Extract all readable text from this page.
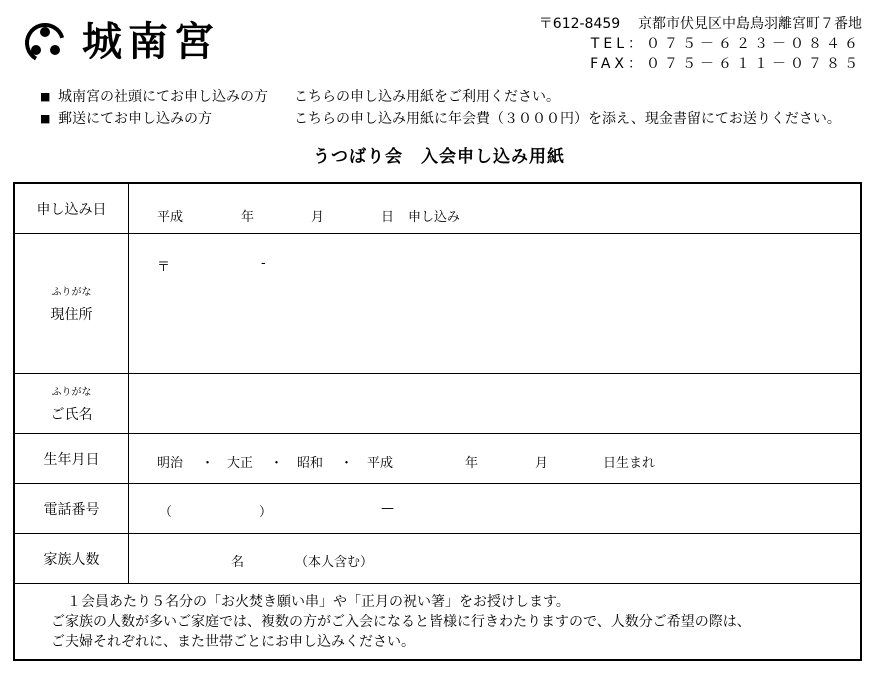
城南宮	〒612-8459 京都市伏見区中島鳥羽離宮町７番地
TEL：０７５－６２３－０８４６
FAX：０７５－６１１－０７８５
■ 城南宮の社頭にてお申し込みの方	こちらの申し込み用紙をご利用ください。
■ 郵送にてお申し込みの方	こちらの申し込み用紙に年会費（３０００円）を添え、現金書留にてお送りください。
うつばり会　入会申し込み用紙
申し込み日	平成	年	月	日 申し込み
ふりがな
現住所
〒	-
ふりがな
ご氏名
生年月日	明治 ・ 大正 ・ 昭和 ・ 平成	年	月	日生まれ
電話番号	（	）	—
家族人数	名	（本人含む）
１会員あたり５名分の「お火焚き願い串」や「正月の祝い箸」をお授けします。
ご家族の人数が多いご家庭では、複数の方がご入会になると皆様に行きわたりますので、人数分ご希望の際は、
ご夫婦それぞれに、また世帯ごとにお申し込みください。
